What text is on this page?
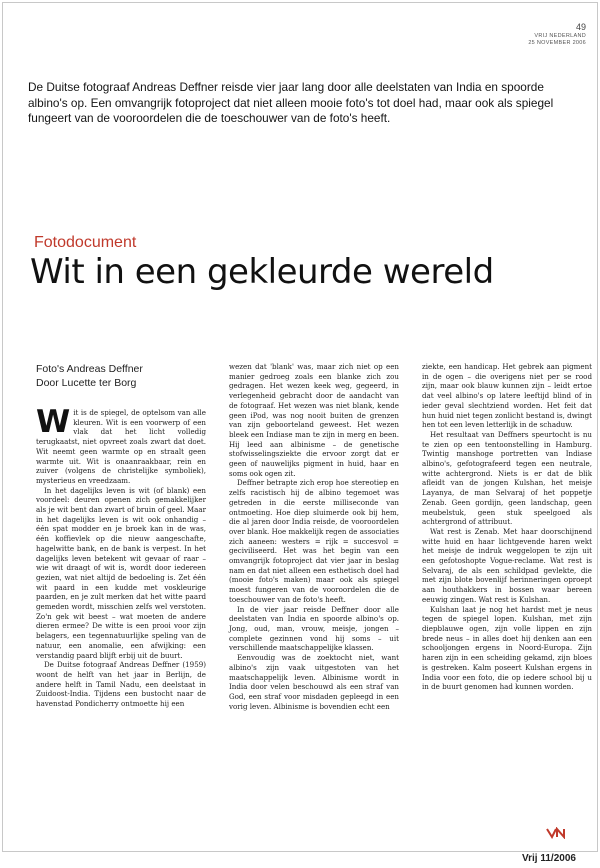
49
VRIJ NEDERLAND
25 NOVEMBER 2006
De Duitse fotograaf Andreas Deffner reisde vier jaar lang door alle deelstaten van India en spoorde albino's op. Een omvangrijk fotoproject dat niet alleen mooie foto's tot doel had, maar ook als spiegel fungeert van de vooroordelen die de toeschouwer van de foto's heeft.
Fotodocument
Wit in een gekleurde wereld
Foto's Andreas Deffner
Door Lucette ter Borg

Wit is de spiegel, de optelsom van alle kleuren. Wit is een voorwerp of een vlak dat het licht volledig terugkaatst, niet opvreet zoals zwart dat doet. Wit neemt geen warmte op en straalt geen warmte uit. Wit is onaanraakbaar, rein en zuiver (volgens de christelijke symboliek), mysterieus en vreedzaam.

In het dagelijks leven is wit (of blank) een voordeel: deuren openen zich gemakkelijker als je wit bent dan zwart of bruin of geel. Maar in het dagelijks leven is wit ook onhandig – één spat modder en je broek kan in de was, één koffievlek op die nieuw aangeschafte, hagelwitte bank, en de bank is verpest. In het dagelijks leven betekent wit gevaar of raar – wie wit draagt of wit is, wordt door iedereen gezien, wat niet altijd de bedoeling is. Zet één wit paard in een kudde met voskleurige paarden, en je zult merken dat het witte paard gemeden wordt, misschien zelfs wel verstoten. Zo'n gek wit beest – wat moeten de andere dieren ermee? De witte is een prooi voor zijn belagers, een tegennatuurlijke speling van de natuur, een anomalie, een afwijking: een verstandig paard blijft erbij uit de buurt.

De Duitse fotograaf Andreas Deffner (1959) woont de helft van het jaar in Berlijn, de andere helft in Tamil Nadu, een deelstaat in Zuidoost-India. Tijdens een bustocht naar de havenstad Pondicherry ontmoette hij een

wezen dat 'blank' was, maar zich niet op een manier gedroeg zoals een blanke zich zou gedragen. Het wezen keek weg, gegeerd, in verlegenheid gebracht door de aandacht van de fotograaf. Het wezen was niet blank, kende geen iPod, was nog nooit buiten de grenzen van zijn geboorteland geweest. Het wezen bleek een Indiase man te zijn in merg en been. Hij leed aan albinisme – de genetische stofwisselingsziekte die ervoor zorgt dat er geen of nauwelijks pigment in huid, haar en soms ook ogen zit.

Deffner betrapte zich erop hoe stereotiep en zelfs racistisch hij de albino tegemoet was getreden in die eerste milliseconde van ontmoeting. Hoe diep sluimerde ook bij hem, die al jaren door India reisde, de vooroordelen over blank. Hoe makkelijk regen de associaties zich aaneen: westers = rijk = succesvol = geciviliseerd. Het was het begin van een omvangrijk fotoproject dat vier jaar in beslag nam en dat niet alleen een esthetisch doel had (mooie foto's maken) maar ook als spiegel moest fungeren van de vooroordelen die de toeschouwer van de foto's heeft.

In de vier jaar reisde Deffner door alle deelstaten van India en spoorde albino's op. Jong, oud, man, vrouw, meisje, jongen – complete gezinnen vond hij soms – uit verschillende maatschappelijke klassen.

Eenvoudig was de zoektocht niet, want albino's zijn vaak uitgestoten van het maatschappelijk leven. Albinisme wordt in India door velen beschouwd als een straf van God, een straf voor misdaden gepleegd in een vorig leven. Albinisme is bovendien echt een

ziekte, een handicap. Het gebrek aan pigment in de ogen – die overigens niet per se rood zijn, maar ook blauw kunnen zijn – leidt ertoe dat veel albino's op latere leeftijd blind of in ieder geval slechtziend worden. Het feit dat hun huid niet tegen zonlicht bestand is, dwingt hen tot een leven letterlijk in de schaduw.

Het resultaat van Deffners speurtocht is nu te zien op een tentoonstelling in Hamburg. Twintig manshoge portretten van Indiase albino's, gefotografeerd tegen een neutrale, witte achtergrond. Niets is er dat de blik afleidt van de jongen Kulshan, het meisje Layanya, de man Selvaraj of het poppetje Zenab. Geen gordijn, geen landschap, geen meubelstuk, geen stuk speelgoed als achtergrond of attribuut.

Wat rest is Zenab. Met haar doorschijnend witte huid en haar lichtgevende haren wekt het meisje de indruk weggelopen te zijn uit een gefotoshopte Vogue-reclame. Wat rest is Selvaraj, de als een schildpad gevlekte, die met zijn blote bovenlijf herinneringen oproept aan houthakkers in bossen waar bereen eeuwig zingen. Wat rest is Kulshan.

Kulshan laat je nog het hardst met je neus tegen de spiegel lopen. Kulshan, met zijn diepblauwe ogen, zijn volle lippen en zijn brede neus – in alles doet hij denken aan een schooljongen ergens in Noord-Europa. Zijn haren zijn in een scheiding gekamd, zijn bloes is gestreken. Kalm poseert Kulshan ergens in India voor een foto, die op iedere school bij u in de buurt genomen had kunnen worden.

Vrij 11/2006
